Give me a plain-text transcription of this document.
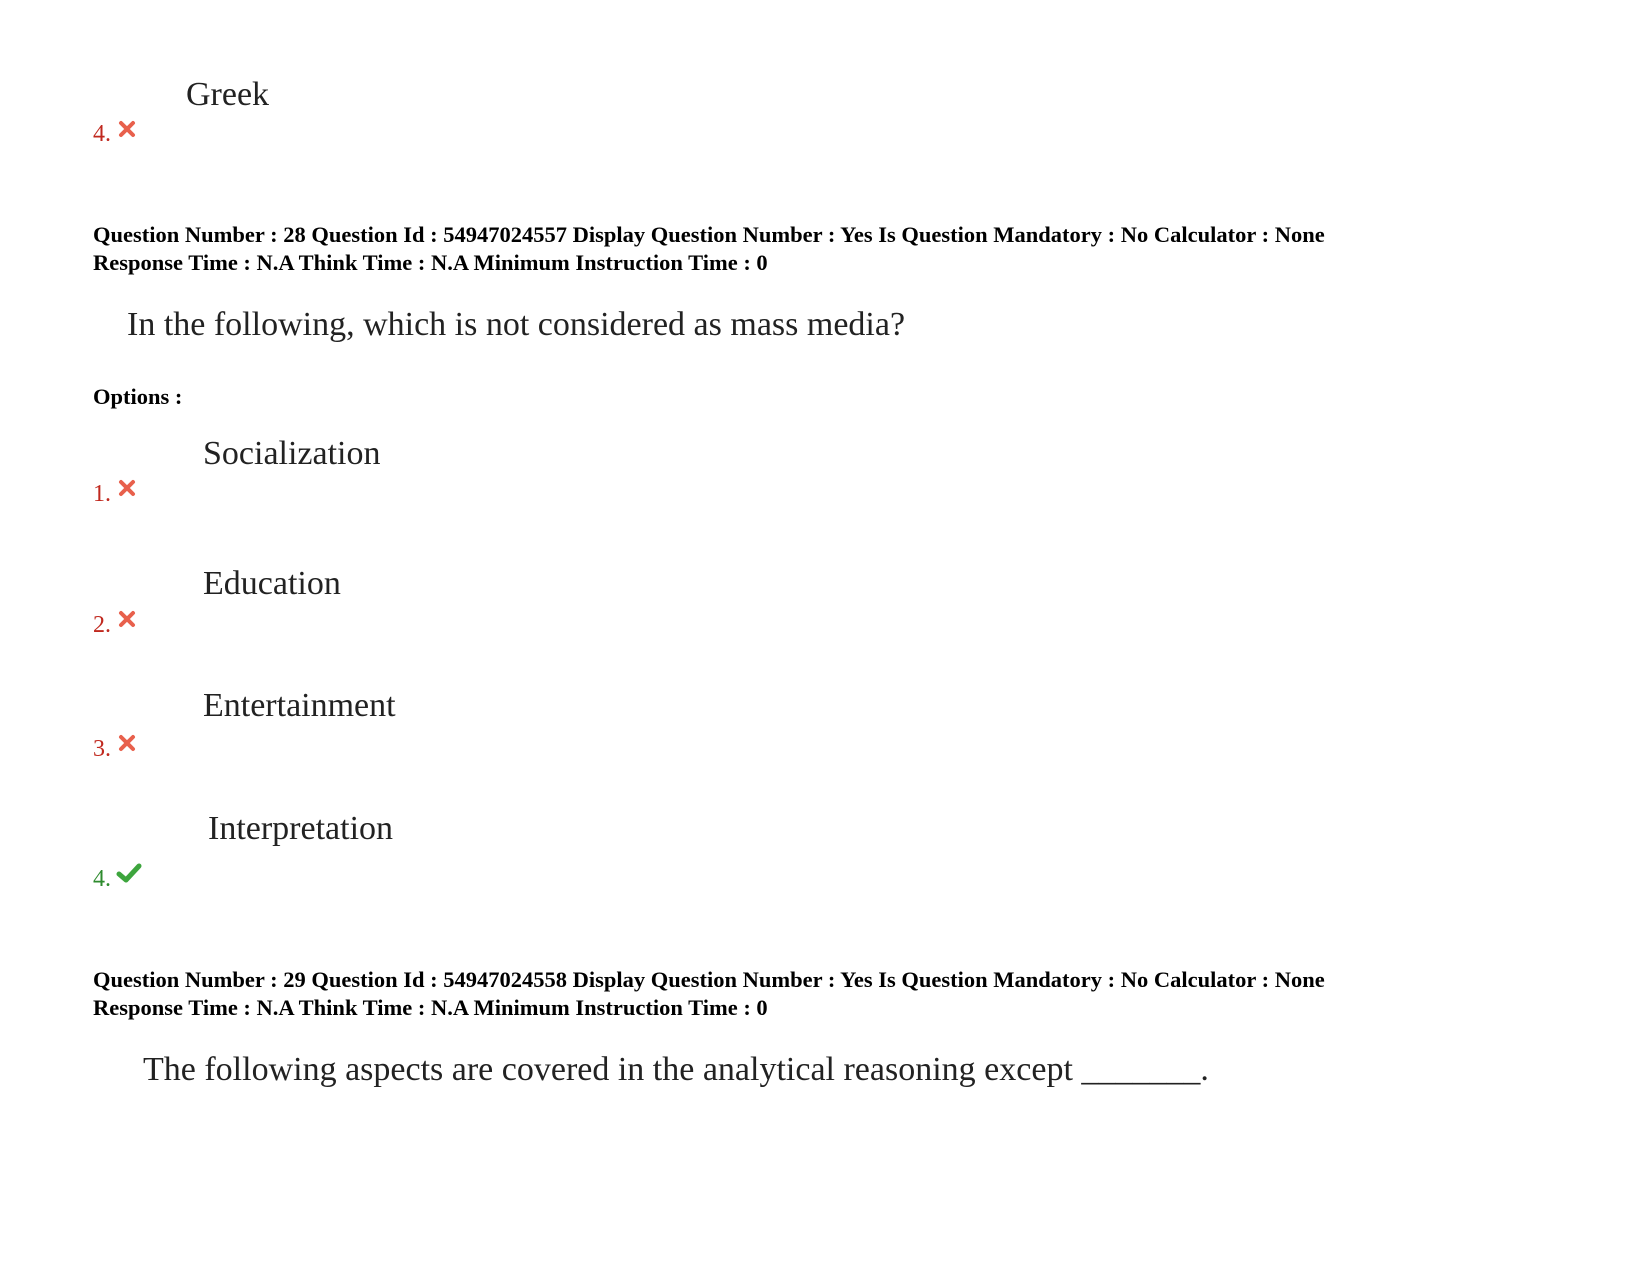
Greek
4.
Question Number : 28 Question Id : 54947024557 Display Question Number : Yes Is Question Mandatory : No Calculator : None
Response Time : N.A Think Time : N.A Minimum Instruction Time : 0
In the following, which is not considered as mass media?
Options :
Socialization
1.
Education
2.
Entertainment
3.
Interpretation
4.
Question Number : 29 Question Id : 54947024558 Display Question Number : Yes Is Question Mandatory : No Calculator : None
Response Time : N.A Think Time : N.A Minimum Instruction Time : 0
The following aspects are covered in the analytical reasoning except _______.
